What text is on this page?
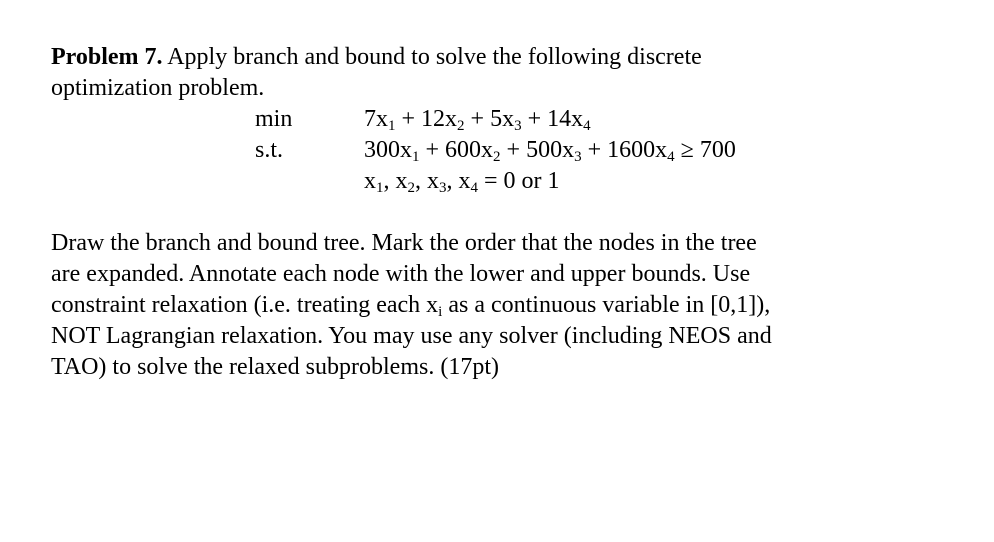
Problem 7. Apply branch and bound to solve the following discrete
optimization problem.
min	$7x_1 + 12x_2 + 5x_3 + 14x_4$
s.t.	$300x_1 + 600x_2 + 500x_3 + 1600x_4 \ge 700$
$x_1$, $x_2$, $x_3$, $x_4 = 0$ or 1
Draw the branch and bound tree. Mark the order that the nodes in the tree
are expanded. Annotate each node with the lower and upper bounds. Use
constraint relaxation (i.e. treating each $x_i$ as a continuous variable in [0,1]),
NOT Lagrangian relaxation. You may use any solver (including NEOS and
TAO) to solve the relaxed subproblems. (17pt)
